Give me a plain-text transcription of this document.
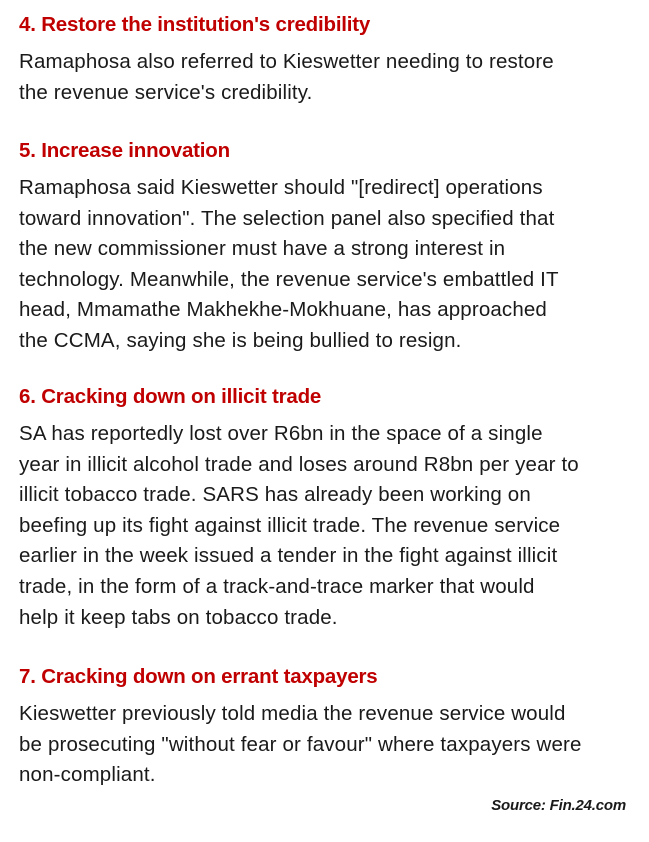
4. Restore the institution's credibility
Ramaphosa also referred to Kieswetter needing to restore
the revenue service's credibility.
5. Increase innovation
Ramaphosa said Kieswetter should "[redirect] operations
toward innovation". The selection panel also specified that
the new commissioner must have a strong interest in
technology. Meanwhile, the revenue service's embattled IT
head, Mmamathe Makhekhe-Mokhuane, has approached
the CCMA, saying she is being bullied to resign.
6. Cracking down on illicit trade
SA has reportedly lost over R6bn in the space of a single
year in illicit alcohol trade and loses around R8bn per year to
illicit tobacco trade. SARS has already been working on
beefing up its fight against illicit trade. The revenue service
earlier in the week issued a tender in the fight against illicit
trade, in the form of a track-and-trace marker that would
help it keep tabs on tobacco trade.
7. Cracking down on errant taxpayers
Kieswetter previously told media the revenue service would
be prosecuting "without fear or favour" where taxpayers were
non-compliant.
Source: Fin.24.com
